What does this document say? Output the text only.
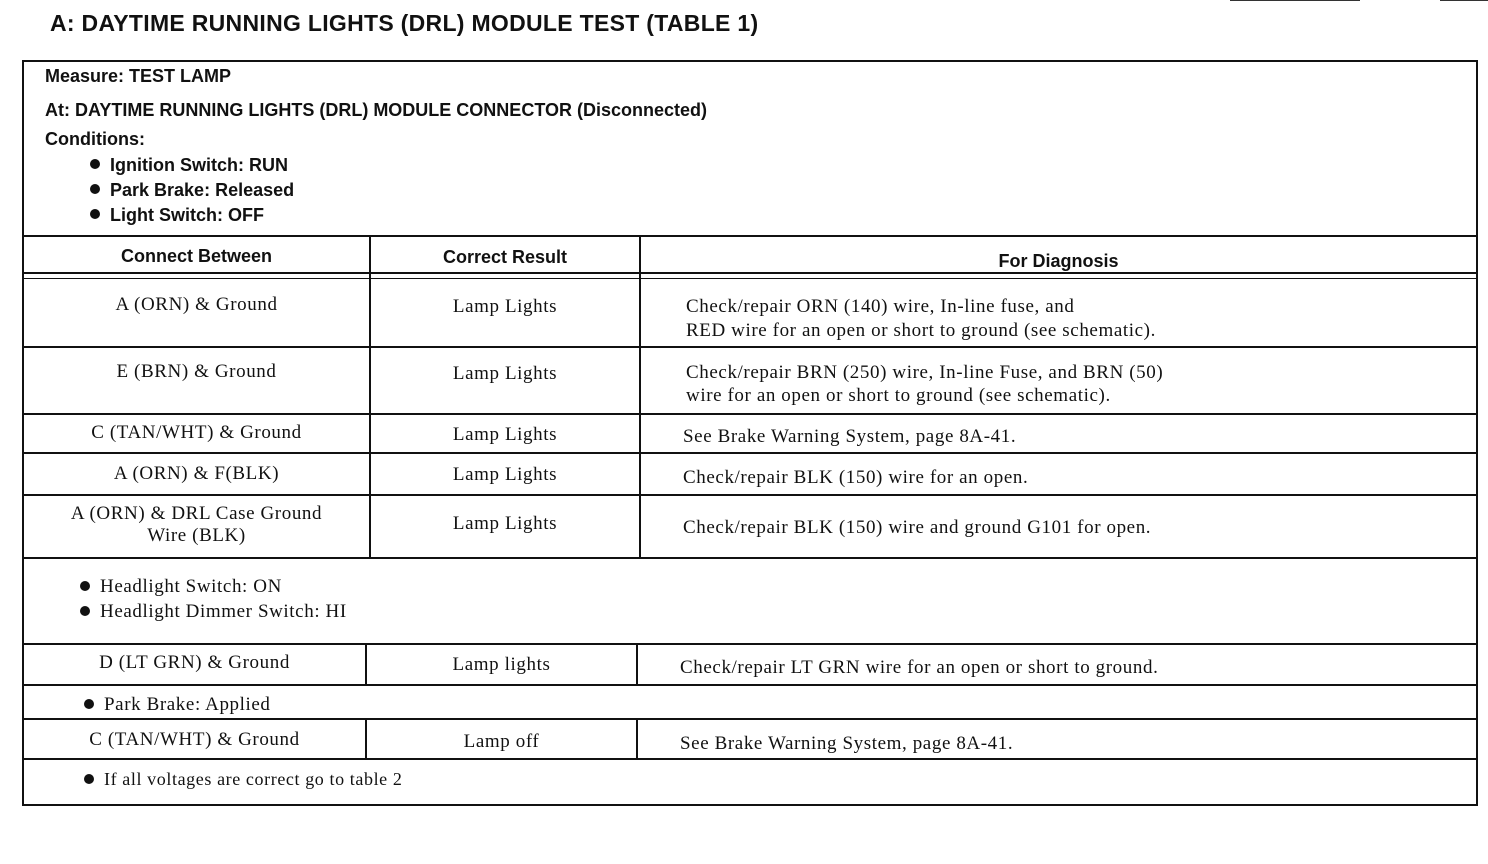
A: DAYTIME RUNNING LIGHTS (DRL) MODULE TEST (TABLE 1)
Measure: TEST LAMP
At: DAYTIME RUNNING LIGHTS (DRL) MODULE CONNECTOR (Disconnected)
Conditions:
Ignition Switch: RUN
Park Brake: Released
Light Switch: OFF
Connect Between	Correct Result	For Diagnosis
A (ORN) & Ground	Lamp Lights	Check/repair ORN (140) wire, In-line fuse, and
RED wire for an open or short to ground (see schematic).
E (BRN) & Ground	Lamp Lights	Check/repair BRN (250) wire, In-line Fuse, and BRN (50)
wire for an open or short to ground (see schematic).
C (TAN/WHT) & Ground	Lamp Lights	See Brake Warning System, page 8A-41.
A (ORN) & F(BLK)	Lamp Lights	Check/repair BLK (150) wire for an open.
A (ORN) & DRL Case Ground
Wire (BLK)
Lamp Lights	Check/repair BLK (150) wire and ground G101 for open.
Headlight Switch: ON
Headlight Dimmer Switch: HI
D (LT GRN) & Ground	Lamp lights	Check/repair LT GRN wire for an open or short to ground.
Park Brake: Applied
C (TAN/WHT) & Ground	Lamp off	See Brake Warning System, page 8A-41.
If all voltages are correct go to table 2
